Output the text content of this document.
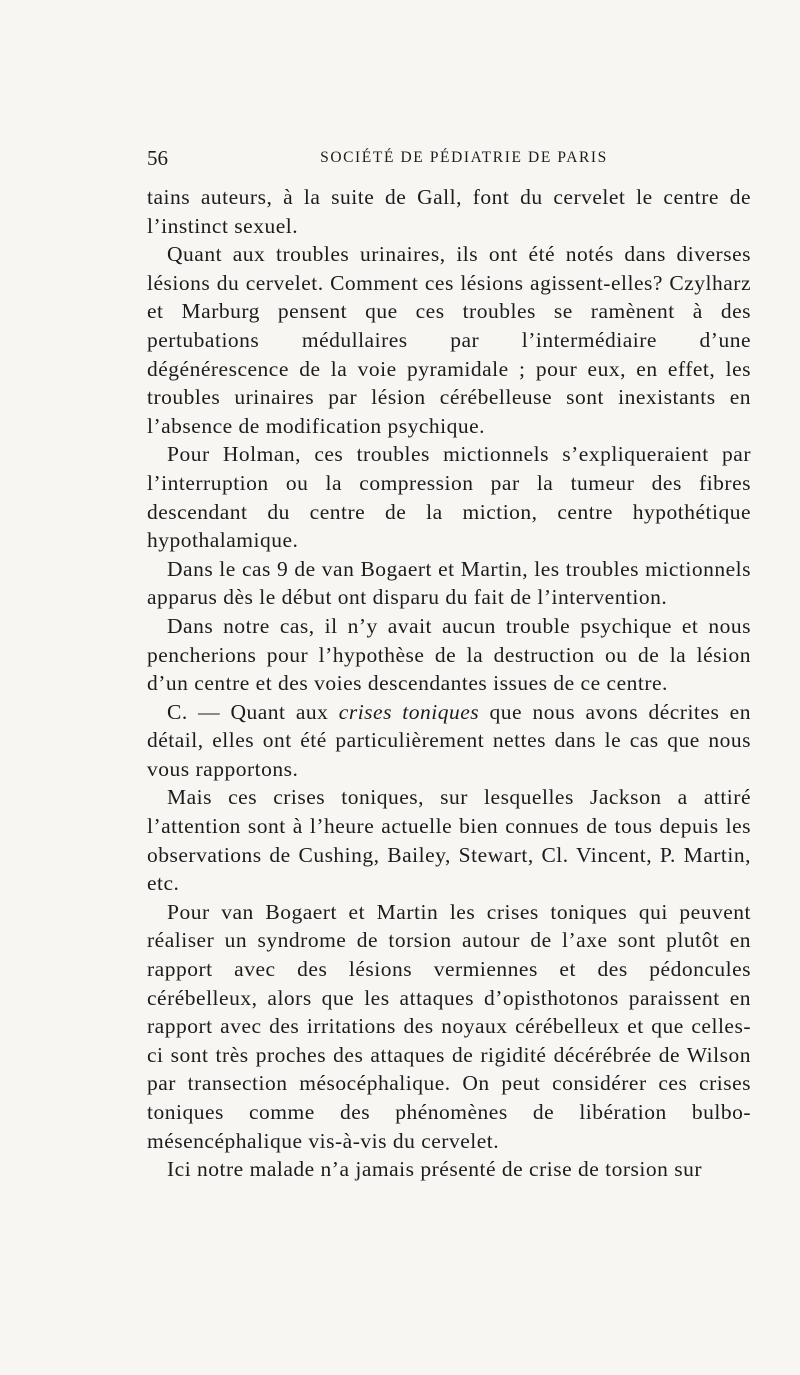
56	SOCIÉTÉ DE PÉDIATRIE DE PARIS

tains auteurs, à la suite de Gall, font du cervelet le centre de l’instinct sexuel.

Quant aux troubles urinaires, ils ont été notés dans diverses lésions du cervelet. Comment ces lésions agissent-elles? Czylharz et Marburg pensent que ces troubles se ramènent à des pertubations médullaires par l’intermédiaire d’une dégénérescence de la voie pyramidale ; pour eux, en effet, les troubles urinaires par lésion cérébelleuse sont inexistants en l’absence de modification psychique.

Pour Holman, ces troubles mictionnels s’expliqueraient par l’interruption ou la compression par la tumeur des fibres descendant du centre de la miction, centre hypothétique hypothalamique.

Dans le cas 9 de van Bogaert et Martin, les troubles mictionnels apparus dès le début ont disparu du fait de l’intervention.

Dans notre cas, il n’y avait aucun trouble psychique et nous pencherions pour l’hypothèse de la destruction ou de la lésion d’un centre et des voies descendantes issues de ce centre.

C. — Quant aux crises toniques que nous avons décrites en détail, elles ont été particulièrement nettes dans le cas que nous vous rapportons.

Mais ces crises toniques, sur lesquelles Jackson a attiré l’attention sont à l’heure actuelle bien connues de tous depuis les observations de Cushing, Bailey, Stewart, Cl. Vincent, P. Martin, etc.

Pour van Bogaert et Martin les crises toniques qui peuvent réaliser un syndrome de torsion autour de l’axe sont plutôt en rapport avec des lésions vermiennes et des pédoncules cérébelleux, alors que les attaques d’opisthotonos paraissent en rapport avec des irritations des noyaux cérébelleux et que celles-ci sont très proches des attaques de rigidité décérébrée de Wilson par transection mésocéphalique. On peut considérer ces crises toniques comme des phénomènes de libération bulbo-mésencéphalique vis-à-vis du cervelet.

Ici notre malade n’a jamais présenté de crise de torsion sur
